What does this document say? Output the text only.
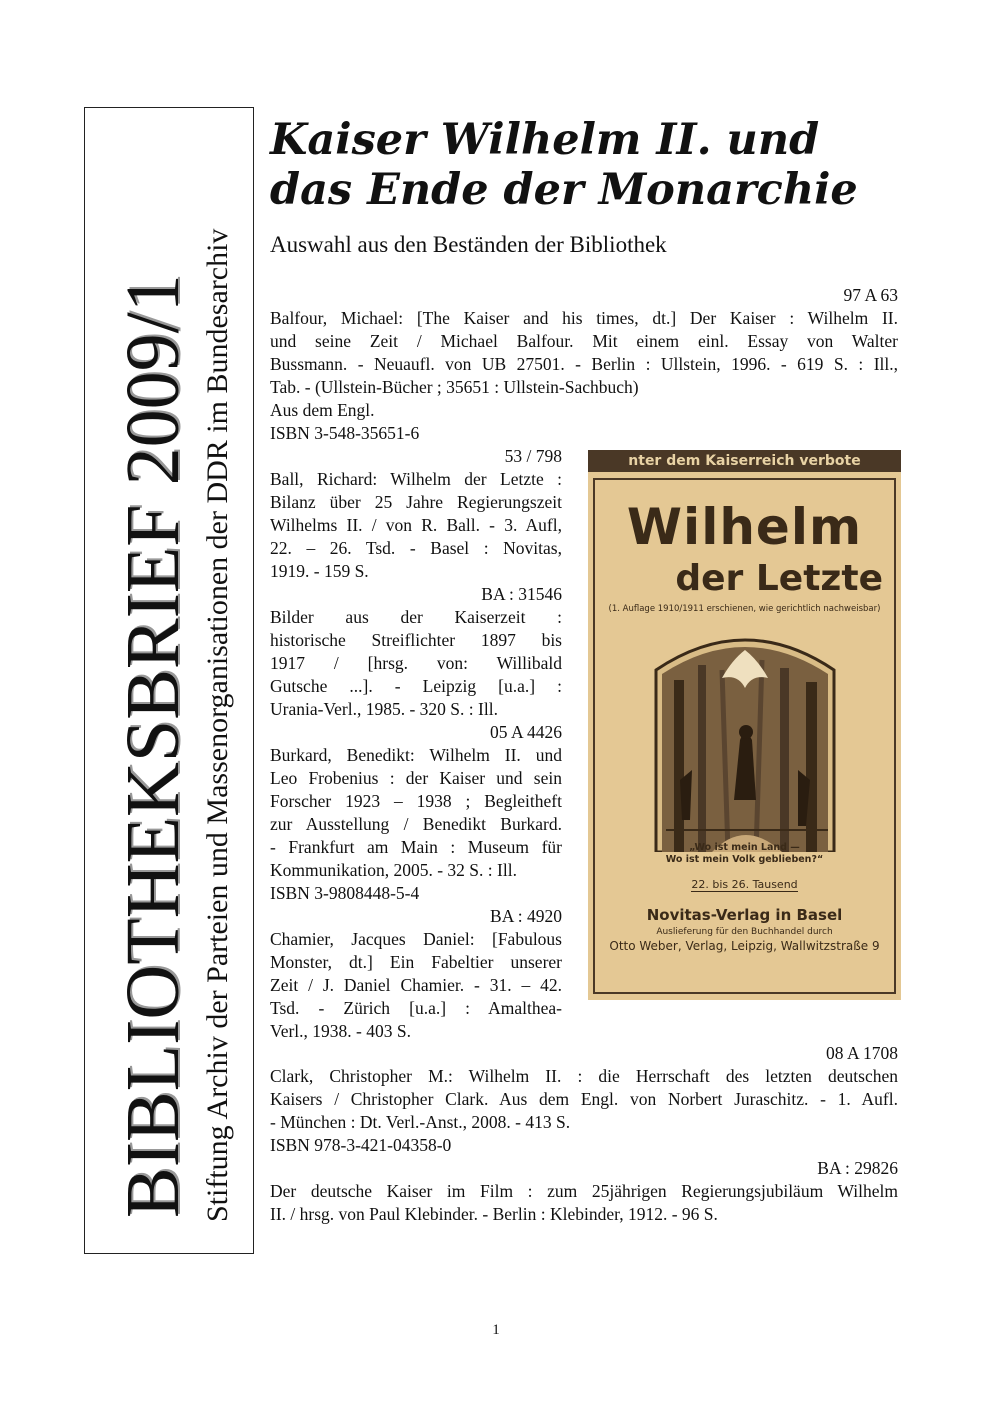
BIBLIOTHEKSBRIEF 2009/1 Stiftung Archiv der Parteien und Massenorganisationen der DDR im Bundesarchiv
Kaiser Wilhelm II. und
das Ende der Monarchie

Auswahl aus den Beständen der Bibliothek

97 A 63
Balfour, Michael: [The Kaiser and his times, dt.] Der Kaiser : Wilhelm II.
und seine Zeit / Michael Balfour. Mit einem einl. Essay von Walter
Bussmann. - Neuaufl. von UB 27501. - Berlin : Ullstein, 1996. - 619 S. : Ill.,
Tab. - (Ullstein-Bücher ; 35651 : Ullstein-Sachbuch)
Aus dem Engl.
ISBN 3-548-35651-6
53 / 798
Ball, Richard: Wilhelm der Letzte :
Bilanz über 25 Jahre Regierungszeit
Wilhelms II. / von R. Ball. - 3. Aufl,
22. – 26. Tsd. - Basel : Novitas,
1919. - 159 S.
BA : 31546
Bilder aus der Kaiserzeit :
historische Streiflichter 1897 bis
1917 / [hrsg. von: Willibald
Gutsche ...]. - Leipzig [u.a.] :
Urania-Verl., 1985. - 320 S. : Ill.
05 A 4426
Burkard, Benedikt: Wilhelm II. und
Leo Frobenius : der Kaiser und sein
Forscher 1923 – 1938 ; Begleitheft
zur Ausstellung / Benedikt Burkard.
- Frankfurt am Main : Museum für
Kommunikation, 2005. - 32 S. : Ill.
ISBN 3-9808448-5-4
BA : 4920
Chamier, Jacques Daniel: [Fabulous
Monster, dt.] Ein Fabeltier unserer
Zeit / J. Daniel Chamier. - 31. – 42.
Tsd. - Zürich [u.a.] : Amalthea-
Verl., 1938. - 403 S.
08 A 1708
Clark, Christopher M.: Wilhelm II. : die Herrschaft des letzten deutschen
Kaisers / Christopher Clark. Aus dem Engl. von Norbert Juraschitz. - 1. Aufl.
- München : Dt. Verl.-Anst., 2008. - 413 S.
ISBN 978-3-421-04358-0
BA : 29826
Der deutsche Kaiser im Film : zum 25jährigen Regierungsjubiläum Wilhelm
II. / hrsg. von Paul Klebinder. - Berlin : Klebinder, 1912. - 96 S.
nter dem Kaiserreich verbote
Wilhelm
der Letzte
(1. Auflage 1910/1911 erschienen, wie gerichtlich nachweisbar)
„Wo ist mein Land —
Wo ist mein Volk geblieben?“
22. bis 26. Tausend
Novitas-Verlag in Basel
Auslieferung für den Buchhandel durch
Otto Weber, Verlag, Leipzig, Wallwitzstraße 9
1
